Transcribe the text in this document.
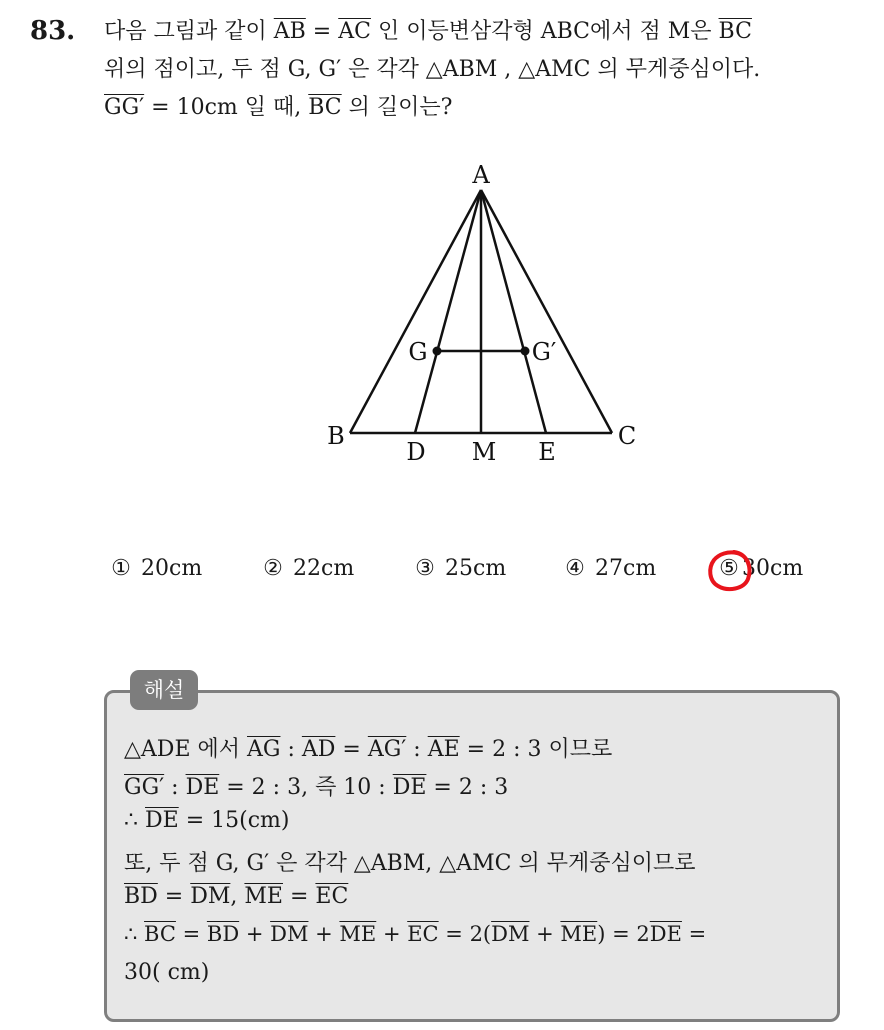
83. 다음 그림과 같이 $\overline{AB} = \overline{AC}$ 인 이등변삼각형 ABC에서 점 M은 $\overline{BC}$
위의 점이고, 두 점 G, G′ 은 각각 △ABM , △AMC 의 무게중심이다.
GG′ = 10cm 일 때, $\overline{BC}$ 의 길이는?
A
B	C
D M E
G	G′
① 20cm	② 22cm	③ 25cm	④ 27cm	⑤ 30cm
해설
△ADE 에서 $\overline{AG}$ : $\overline{AD} = AG'$ : $\overline{AE} = 2$ : 3 이므로
GG′ : $\overline{DE} = 2$ : 3, 즉 10 : $\overline{DE} = 2$ : 3
∴ $\overline{DE} = 15(cm)$
또, 두 점 G, G′ 은 각각 △ABM, △AMC 의 무게중심이므로
$\overline{BD} = \overline{DM}$, $\overline{ME} = \overline{EC}$
∴ $\overline{BC} = \overline{BD} + \overline{DM} + \overline{ME} + \overline{EC} = 2(\overline{DM} + \overline{ME}) = 2\overline{DE}$ =
30( cm)
